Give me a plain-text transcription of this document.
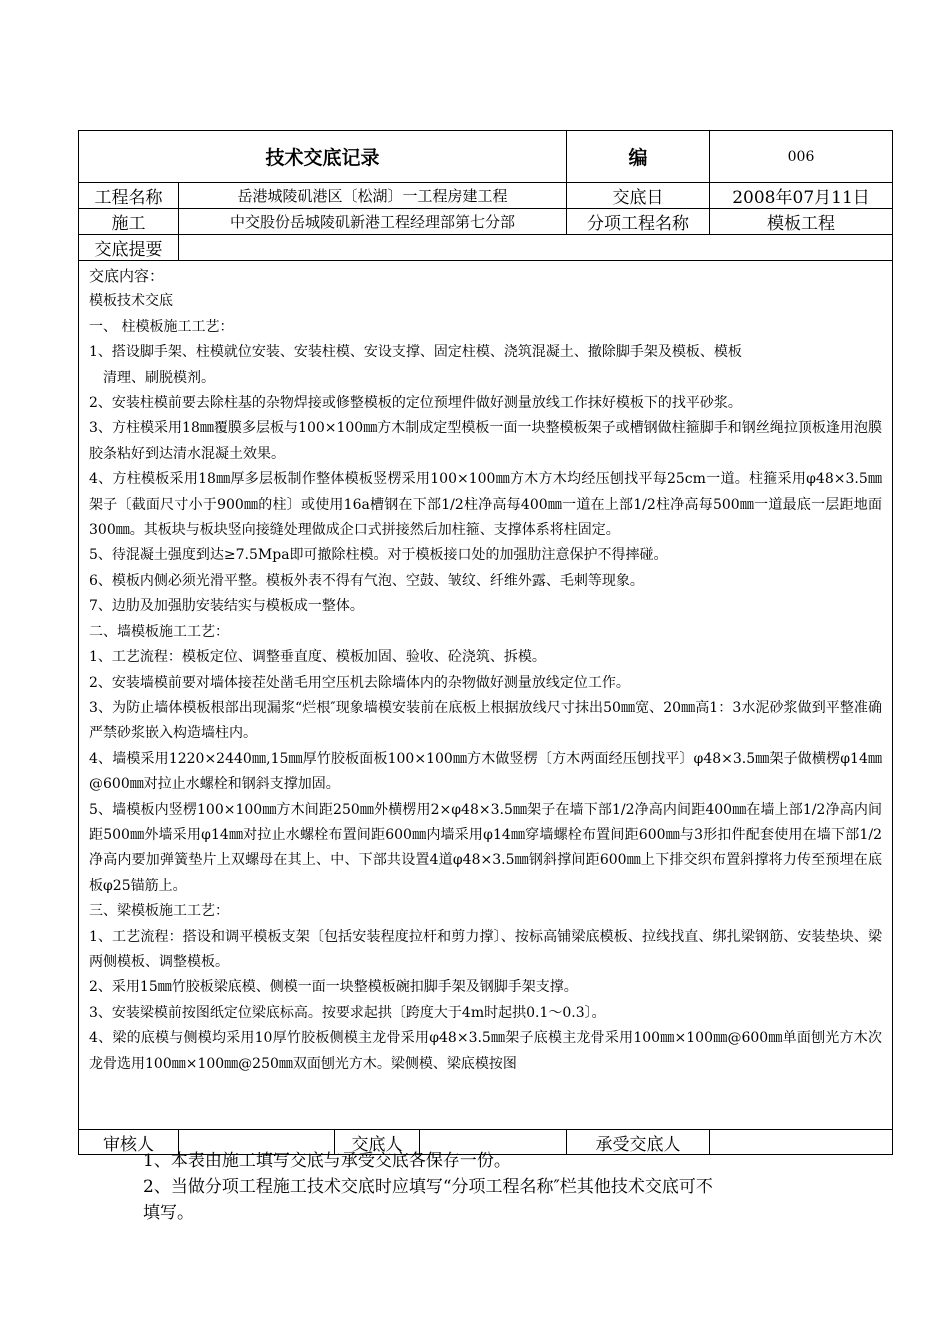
技术交底记录	编	006
工程名称	岳港城陵矶港区〔松湖〕一工程房建工程	交底日	2008年07月11日
施工	中交股份岳城陵矶新港工程经理部第七分部	分项工程名称	模板工程
交底提要

交底内容：

模板技术交底

一、 柱模板施工工艺：

1、搭设脚手架、柱模就位安装、安装柱模、安设支撑、固定柱模、浇筑混凝土、撤除脚手架及模板、模板

清理、刷脱模剂。

2、安装柱模前要去除柱基的杂物焊接或修整模板的定位预埋件做好测量放线工作抹好模板下的找平砂浆。

3、方柱模采用18㎜覆膜多层板与100×100㎜方木制成定型模板一面一块整模板架子或槽钢做柱箍脚手和钢丝绳拉顶板逢用泡膜胶条粘好到达清水混凝土效果。

4、方柱模板采用18㎜厚多层板制作整体模板竖楞采用100×100㎜方木方木均经压刨找平每25cm一道。柱箍采用φ48×3.5㎜架子〔截面尺寸小于900㎜的柱〕或使用16a槽钢在下部1/2柱净高每400㎜一道在上部1/2柱净高每500㎜一道最底一层距地面300㎜。其板块与板块竖向接缝处理做成企口式拼接然后加柱箍、支撑体系将柱固定。

5、待混凝土强度到达≥7.5Mpa即可撤除柱模。对于模板接口处的加强肋注意保护不得摔碰。

6、模板内侧必须光滑平整。模板外表不得有气泡、空鼓、皱纹、纤维外露、毛刺等现象。

7、边肋及加强肋安装结实与模板成一整体。

二、墙模板施工工艺：

1、工艺流程：模板定位、调整垂直度、模板加固、验收、砼浇筑、拆模。

2、安装墙模前要对墙体接茬处凿毛用空压机去除墙体内的杂物做好测量放线定位工作。

3、为防止墙体模板根部出现漏浆“烂根″现象墙模安装前在底板上根据放线尺寸抹出50㎜宽、20㎜高1：3水泥砂浆做到平整准确严禁砂浆嵌入构造墙柱内。

4、墙模采用1220×2440㎜,15㎜厚竹胶板面板100×100㎜方木做竖楞〔方木两面经压刨找平〕φ48×3.5㎜架子做横楞φ14㎜@600㎜对拉止水螺栓和钢斜支撑加固。

5、墙模板内竖楞100×100㎜方木间距250㎜外横楞用2×φ48×3.5㎜架子在墙下部1/2净高内间距400㎜在墙上部1/2净高内间距500㎜外墙采用φ14㎜对拉止水螺栓布置间距600㎜内墙采用φ14㎜穿墙螺栓布置间距600㎜与3形扣件配套使用在墙下部1/2净高内要加弹簧垫片上双螺母在其上、中、下部共设置4道φ48×3.5㎜钢斜撑间距600㎜上下排交织布置斜撑将力传至预埋在底板φ25锚筋上。

三、梁模板施工工艺：

1、工艺流程：搭设和调平模板支架〔包括安装程度拉杆和剪力撑〕、按标高铺梁底模板、拉线找直、绑扎梁钢筋、安装垫块、梁两侧模板、调整模板。

2、采用15㎜竹胶板梁底模、侧模一面一块整模板碗扣脚手架及钢脚手架支撑。

3、安装梁模前按图纸定位梁底标高。按要求起拱〔跨度大于4m时起拱0.1～0.3〕。

4、梁的底模与侧模均采用10厚竹胶板侧模主龙骨采用φ48×3.5㎜架子底模主龙骨采用100㎜×100㎜@600㎜单面刨光方木次龙骨选用100㎜×100㎜@250㎜双面刨光方木。梁侧模、梁底模按图

审核人	交底人	承受交底人

1、本表由施工填写交底与承受交底各保存一份。

2、当做分项工程施工技术交底时应填写“分项工程名称″栏其他技术交底可不

填写。
